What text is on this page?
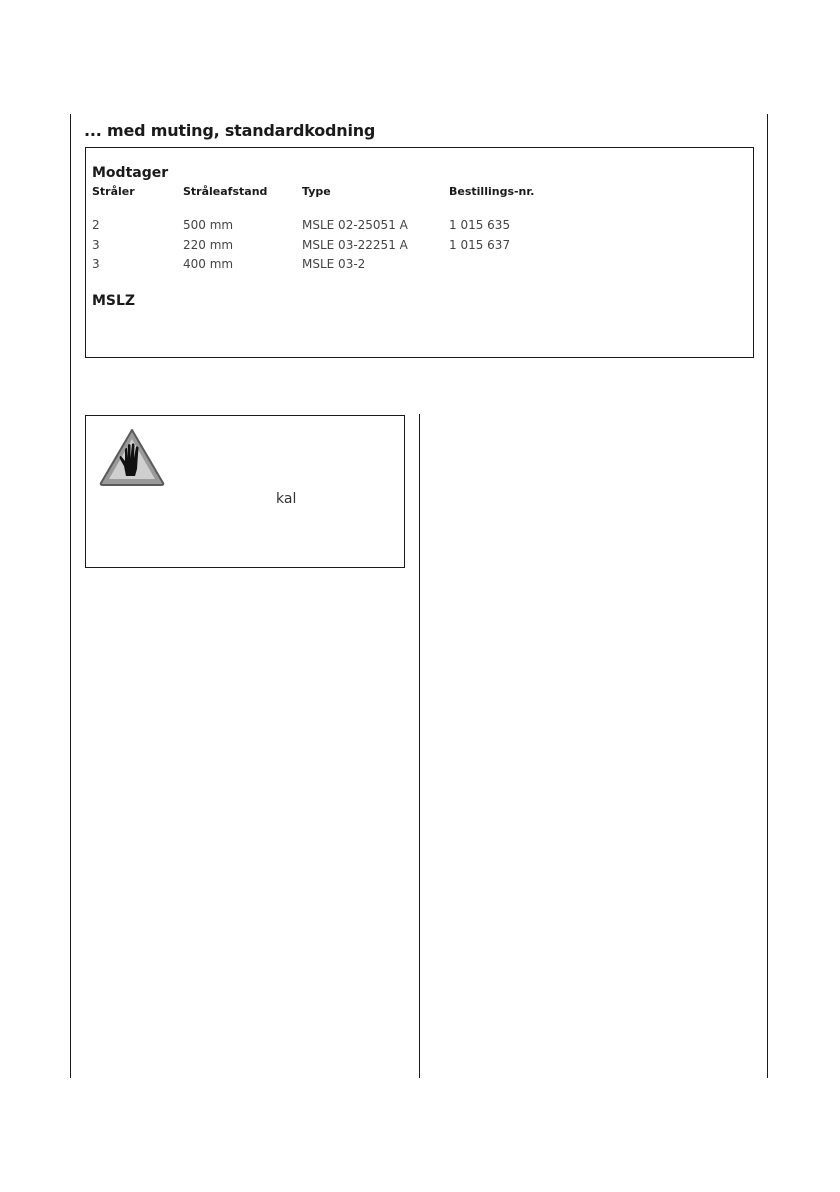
... med muting, standardkodning
Modtager
Stråler	Stråleafstand	Type	Bestillings-nr.
2	500 mm	MSLE 02-25051 A	1 015 635
3	220 mm	MSLE 03-22251 A	1 015 637
3	400 mm	MSLE 03-2
MSLZ
kal
